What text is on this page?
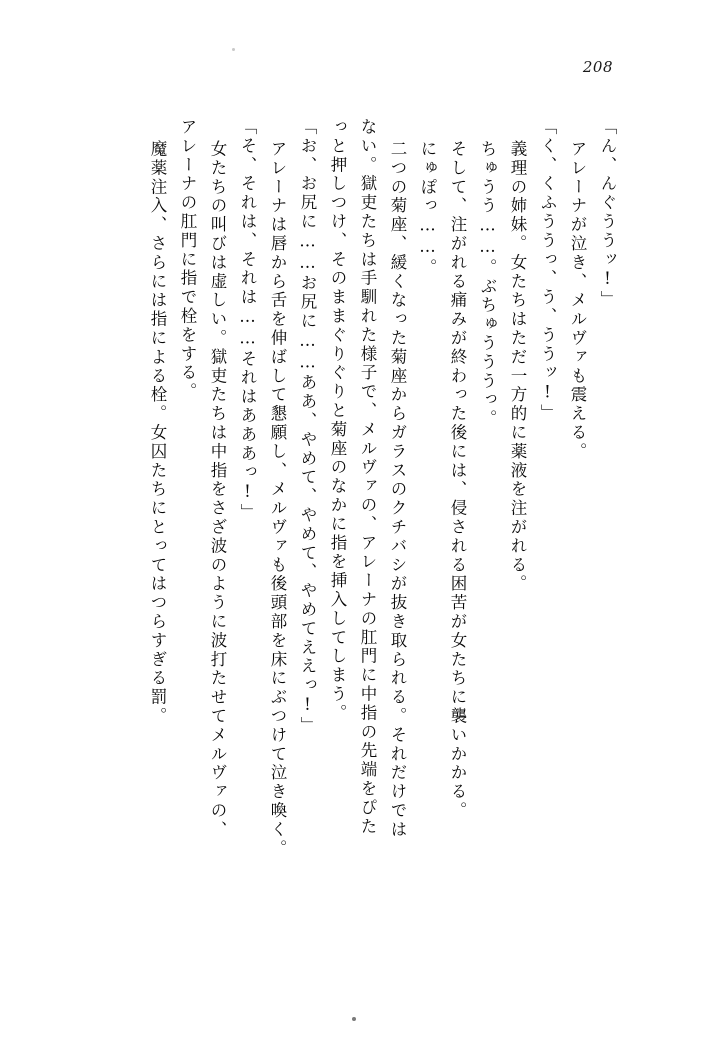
208
「ん、んぐううッ!」
アレーナが泣き、メルヴァも震える。
「く、くふううっ、う、ううッ!」
義理の姉妹。女たちはただ一方的に薬液を注がれる。
ちゅうう……。ぶちゅうううっ。
そして、注がれる痛みが終わった後には、侵される困苦が女たちに襲いかかる。
にゅぽっ……。
二つの菊座、緩くなった菊座からガラスのクチバシが抜き取られる。それだけでは
ない。獄吏たちは手馴れた様子で、メルヴァの、アレーナの肛門に中指の先端をぴた
っと押しつけ、そのままぐりぐりと菊座のなかに指を挿入してしまう。
「お、お尻に……お尻に……ああ、やめて、やめて、やめてええっ!」
アレーナは唇から舌を伸ばして懇願し、メルヴァも後頭部を床にぶつけて泣き喚く。
「そ、それは、それは……それはあああっ!」
女たちの叫びは虚しい。獄吏たちは中指をさざ波のように波打たせてメルヴァの、
アレーナの肛門に指で栓をする。
魔薬注入、さらには指による栓。女囚たちにとってはつらすぎる罰。
